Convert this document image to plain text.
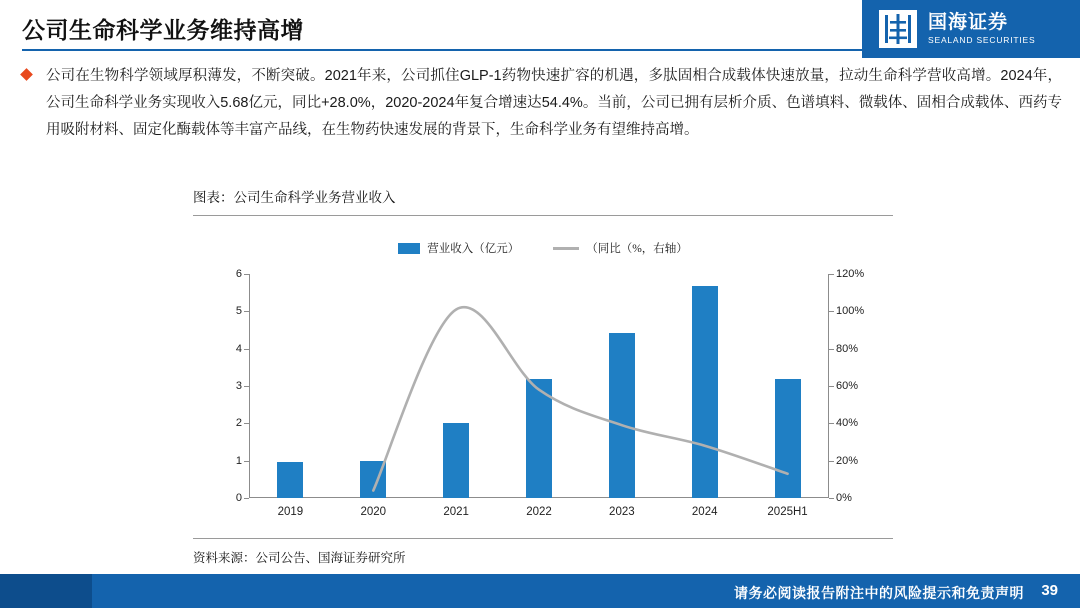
公司生命科学业务维持高增	国海证券
SEALAND SECURITIES
公司在生物科学领域厚积薄发，不断突破。2021年来，公司抓住GLP-1药物快速扩容的机遇，多肽固相合成载体快速放量，拉动生命科学营收高增。2024年，公司生命科学业务实现收入5.68亿元，同比+28.0%，2020-2024年复合增速达54.4%。当前，公司已拥有层析介质、色谱填料、微载体、固相合成载体、西药专用吸附材料、固定化酶载体等丰富产品线，在生物药快速发展的背景下，生命科学业务有望维持高增。
图表：公司生命科学业务营业收入
营业收入（亿元）	（同比（%，右轴）
0
1
2
3
4
5
6
0%
20%
40%
60%
80%
100%
120%
2019	2020	2021	2022	2023	2024	2025H1
资料来源：公司公告、国海证券研究所
请务必阅读报告附注中的风险提示和免责声明 39
